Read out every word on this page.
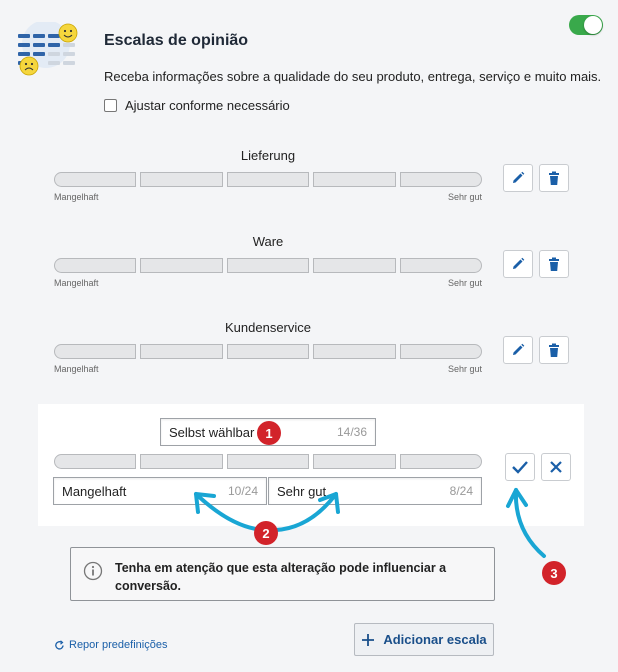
Escalas de opinião
Receba informações sobre a qualidade do seu produto, entrega, serviço e muito mais.
Ajustar conforme necessário
Lieferung
Mangelhaft	Sehr gut
Ware
Mangelhaft	Sehr gut
Kundenservice
Mangelhaft	Sehr gut
Selbst wählbar	14/36
Mangelhaft	10/24 Sehr gut	8/24
1
2
3
Tenha em atenção que esta alteração pode influenciar a conversão.
Repor predefinições	Adicionar escala
